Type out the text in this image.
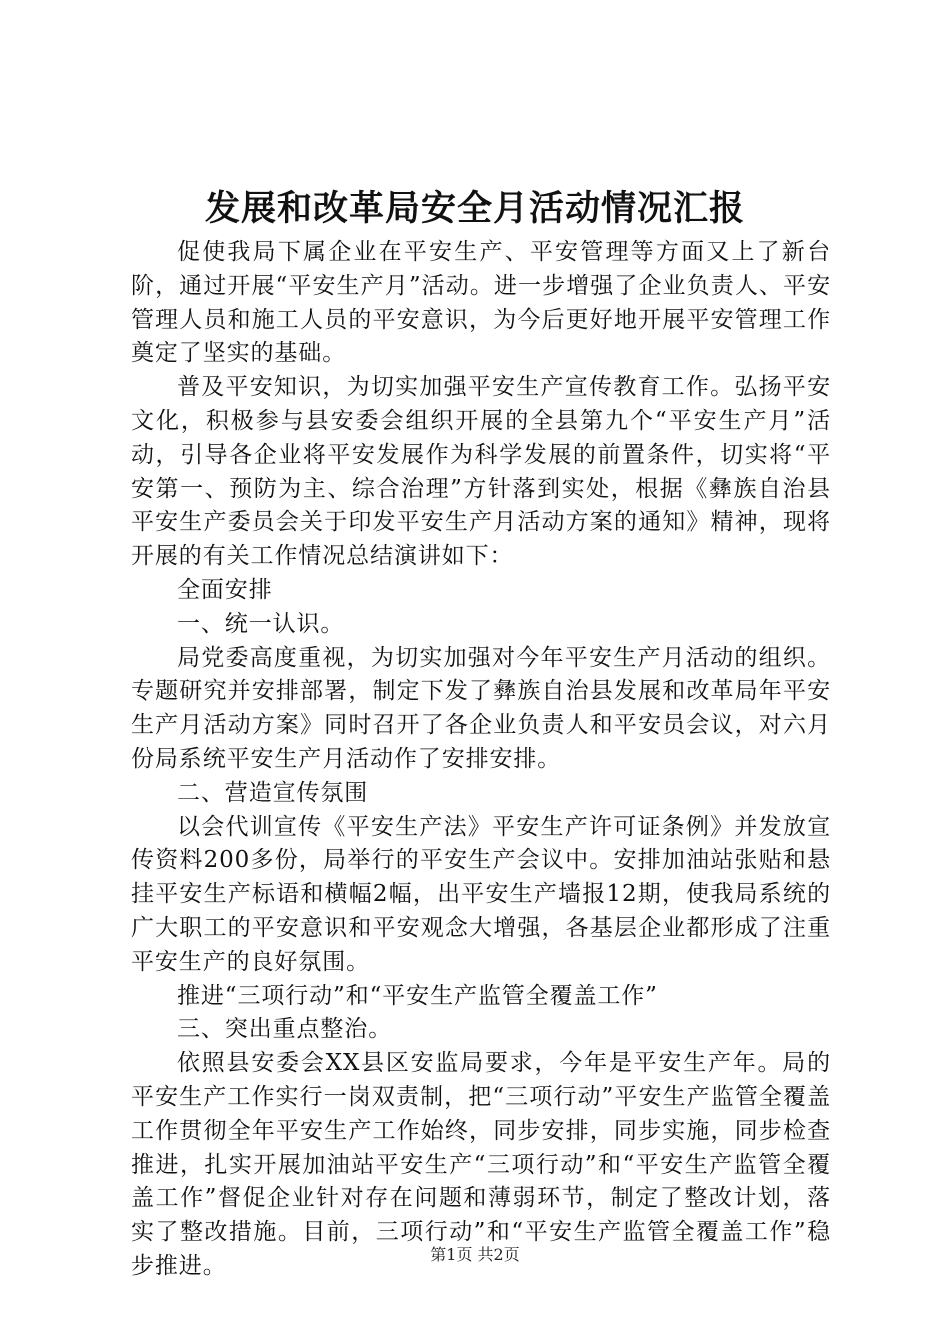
发展和改革局安全月活动情况汇报

促使我局下属企业在平安生产、平安管理等方面又上了新台阶，通过开展“平安生产月”活动。进一步增强了企业负责人、平安管理人员和施工人员的平安意识，为今后更好地开展平安管理工作奠定了坚实的基础。

普及平安知识，为切实加强平安生产宣传教育工作。弘扬平安文化，积极参与县安委会组织开展的全县第九个“平安生产月”活动，引导各企业将平安发展作为科学发展的前置条件，切实将“平安第一、预防为主、综合治理”方针落到实处，根据《彝族自治县平安生产委员会关于印发平安生产月活动方案的通知》精神，现将开展的有关工作情况总结演讲如下：

全面安排

一、统一认识。

局党委高度重视，为切实加强对今年平安生产月活动的组织。专题研究并安排部署，制定下发了彝族自治县发展和改革局年平安生产月活动方案》同时召开了各企业负责人和平安员会议，对六月份局系统平安生产月活动作了安排安排。

二、营造宣传氛围

以会代训宣传《平安生产法》平安生产许可证条例》并发放宣传资料200多份，局举行的平安生产会议中。安排加油站张贴和悬挂平安生产标语和横幅2幅，出平安生产墙报12期，使我局系统的广大职工的平安意识和平安观念大增强，各基层企业都形成了注重平安生产的良好氛围。

推进“三项行动”和“平安生产监管全覆盖工作”

三、突出重点整治。

依照县安委会XX县区安监局要求，今年是平安生产年。局的平安生产工作实行一岗双责制，把“三项行动”平安生产监管全覆盖工作贯彻全年平安生产工作始终，同步安排，同步实施，同步检查推进，扎实开展加油站平安生产“三项行动”和“平安生产监管全覆盖工作”督促企业针对存在问题和薄弱环节，制定了整改计划，落实了整改措施。目前，三项行动”和“平安生产监管全覆盖工作”稳步推进。	第1页 共2页
